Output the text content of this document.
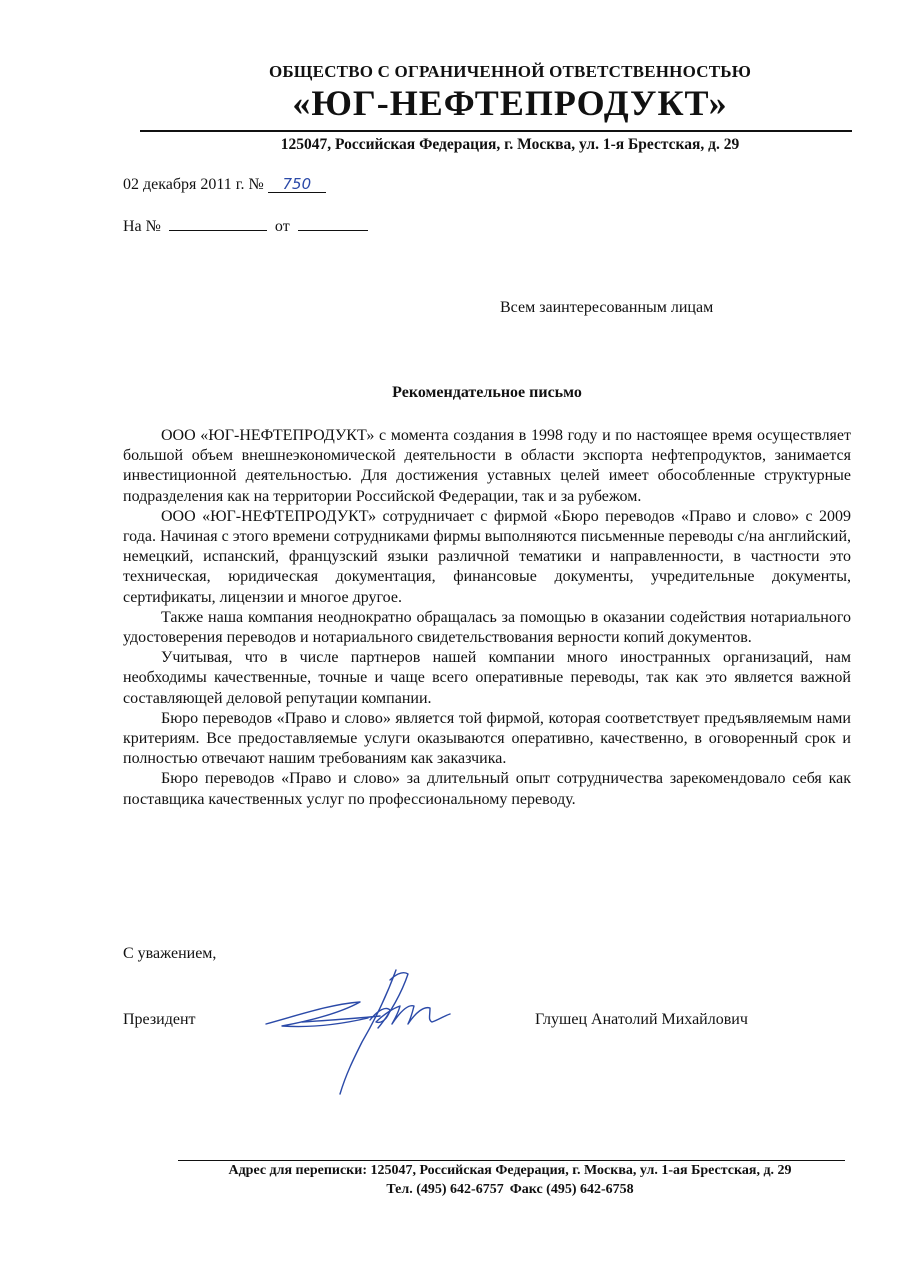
ОБЩЕСТВО С ОГРАНИЧЕННОЙ ОТВЕТСТВЕННОСТЬЮ
«ЮГ-НЕФТЕПРОДУКТ»
125047, Российская Федерация, г. Москва, ул. 1-я Брестская, д. 29
02 декабря 2011 г. № 750
На №	от
Всем заинтересованным лицам
Рекомендательное письмо

ООО «ЮГ-НЕФТЕПРОДУКТ» с момента создания в 1998 году и по настоящее время осуществляет большой объем внешнеэкономической деятельности в области экспорта нефтепродуктов, занимается инвестиционной деятельностью. Для достижения уставных целей имеет обособленные структурные подразделения как на территории Российской Федерации, так и за рубежом.

ООО «ЮГ-НЕФТЕПРОДУКТ» сотрудничает с фирмой «Бюро переводов «Право и слово» с 2009 года. Начиная с этого времени сотрудниками фирмы выполняются письменные переводы с/на английский, немецкий, испанский, французский языки различной тематики и направленности, в частности это техническая, юридическая документация, финансовые документы, учредительные документы, сертификаты, лицензии и многое другое.

Также наша компания неоднократно обращалась за помощью в оказании содействия нотариального удостоверения переводов и нотариального свидетельствования верности копий документов.

Учитывая, что в числе партнеров нашей компании много иностранных организаций, нам необходимы качественные, точные и чаще всего оперативные переводы, так как это является важной составляющей деловой репутации компании.

Бюро переводов «Право и слово» является той фирмой, которая соответствует предъявляемым нами критериям. Все предоставляемые услуги оказываются оперативно, качественно, в оговоренный срок и полностью отвечают нашим требованиям как заказчика.

Бюро переводов «Право и слово» за длительный опыт сотрудничества зарекомендовало себя как поставщика качественных услуг по профессиональному переводу.

С уважением,
Президент	Глушец Анатолий Михайлович
Адрес для переписки: 125047, Российская Федерация, г. Москва, ул. 1-ая Брестская, д. 29
Тел. (495) 642-6757 Факс (495) 642-6758
